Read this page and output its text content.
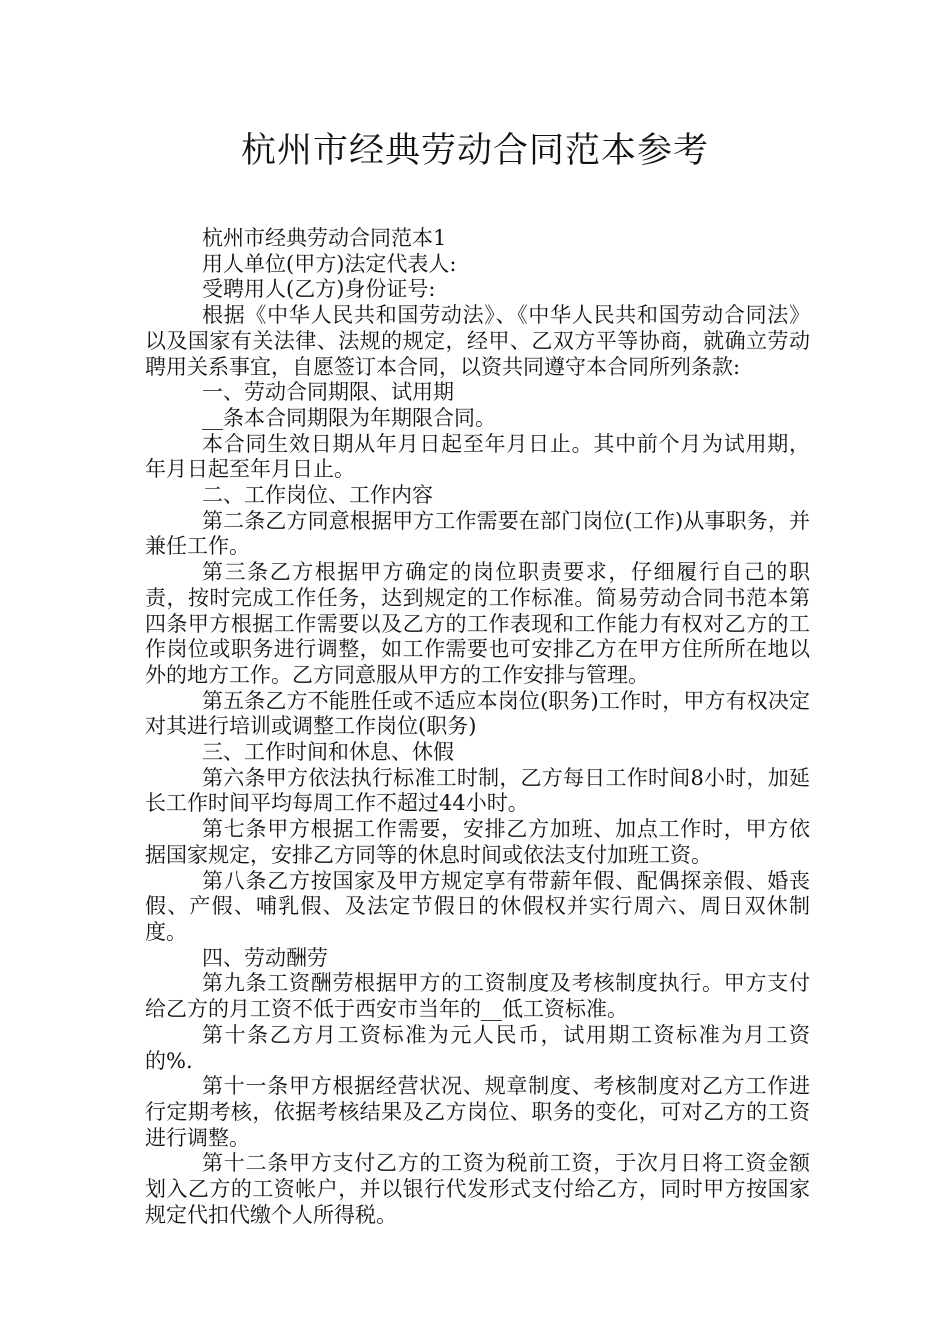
杭州市经典劳动合同范本参考

杭州市经典劳动合同范本1

用人单位(甲方)法定代表人:

受聘用人(乙方)身份证号:

根据《中华人民共和国劳动法》、《中华人民共和国劳动合同法》以及国家有关法律、法规的规定，经甲、乙双方平等协商，就确立劳动聘用关系事宜，自愿签订本合同，以资共同遵守本合同所列条款:

一、劳动合同期限、试用期

__条本合同期限为年期限合同。

本合同生效日期从年月日起至年月日止。其中前个月为试用期，年月日起至年月日止。

二、工作岗位、工作内容

第二条乙方同意根据甲方工作需要在部门岗位(工作)从事职务，并兼任工作。

第三条乙方根据甲方确定的岗位职责要求，仔细履行自己的职责，按时完成工作任务，达到规定的工作标准。简易劳动合同书范本第四条甲方根据工作需要以及乙方的工作表现和工作能力有权对乙方的工作岗位或职务进行调整，如工作需要也可安排乙方在甲方住所所在地以外的地方工作。乙方同意服从甲方的工作安排与管理。

第五条乙方不能胜任或不适应本岗位(职务)工作时，甲方有权决定对其进行培训或调整工作岗位(职务)

三、工作时间和休息、休假

第六条甲方依法执行标准工时制，乙方每日工作时间8小时，加延长工作时间平均每周工作不超过44小时。

第七条甲方根据工作需要，安排乙方加班、加点工作时，甲方依据国家规定，安排乙方同等的休息时间或依法支付加班工资。

第八条乙方按国家及甲方规定享有带薪年假、配偶探亲假、婚丧假、产假、哺乳假、及法定节假日的休假权并实行周六、周日双休制度。

四、劳动酬劳

第九条工资酬劳根据甲方的工资制度及考核制度执行。甲方支付给乙方的月工资不低于西安市当年的__低工资标准。

第十条乙方月工资标准为元人民币，试用期工资标准为月工资的%.

第十一条甲方根据经营状况、规章制度、考核制度对乙方工作进行定期考核，依据考核结果及乙方岗位、职务的变化，可对乙方的工资进行调整。

第十二条甲方支付乙方的工资为税前工资，于次月日将工资金额划入乙方的工资帐户，并以银行代发形式支付给乙方，同时甲方按国家规定代扣代缴个人所得税。
